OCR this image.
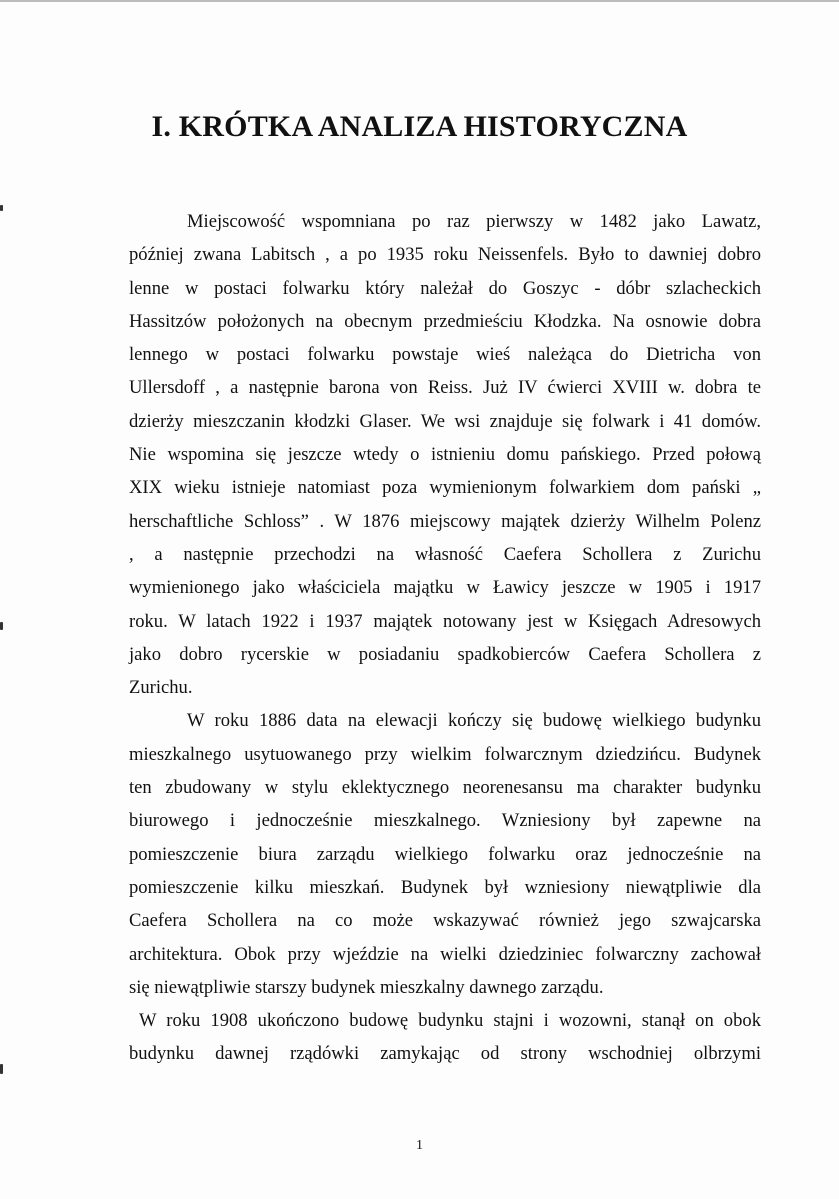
I. KRÓTKA ANALIZA HISTORYCZNA

Miejscowość wspomniana po raz pierwszy w 1482 jako Lawatz,
później zwana Labitsch , a po 1935 roku Neissenfels. Było to dawniej dobro
lenne w postaci folwarku który należał do Goszyc - dóbr szlacheckich
Hassitzów położonych na obecnym przedmieściu Kłodzka. Na osnowie dobra
lennego w postaci folwarku powstaje wieś należąca do Dietricha von
Ullersdoff , a następnie barona von Reiss. Już IV ćwierci XVIII w. dobra te
dzierży mieszczanin kłodzki Glaser. We wsi znajduje się folwark i 41 domów.
Nie wspomina się jeszcze wtedy o istnieniu domu pańskiego. Przed połową
XIX wieku istnieje natomiast poza wymienionym folwarkiem dom pański „
herschaftliche Schloss” . W 1876 miejscowy majątek dzierży Wilhelm Polenz
, a następnie przechodzi na własność Caefera Schollera z Zurichu
wymienionego jako właściciela majątku w Ławicy jeszcze w 1905 i 1917
roku. W latach 1922 i 1937 majątek notowany jest w Księgach Adresowych
jako dobro rycerskie w posiadaniu spadkobierców Caefera Schollera z
Zurichu.

W roku 1886 data na elewacji kończy się budowę wielkiego budynku
mieszkalnego usytuowanego przy wielkim folwarcznym dziedzińcu. Budynek
ten zbudowany w stylu eklektycznego neorenesansu ma charakter budynku
biurowego i jednocześnie mieszkalnego. Wzniesiony był zapewne na
pomieszczenie biura zarządu wielkiego folwarku oraz jednocześnie na
pomieszczenie kilku mieszkań. Budynek był wzniesiony niewątpliwie dla
Caefera Schollera na co może wskazywać również jego szwajcarska
architektura. Obok przy wjeździe na wielki dziedziniec folwarczny zachował
się niewątpliwie starszy budynek mieszkalny dawnego zarządu.

W roku 1908 ukończono budowę budynku stajni i wozowni, stanął on obok
budynku dawnej rządówki zamykając od strony wschodniej olbrzymi

1
